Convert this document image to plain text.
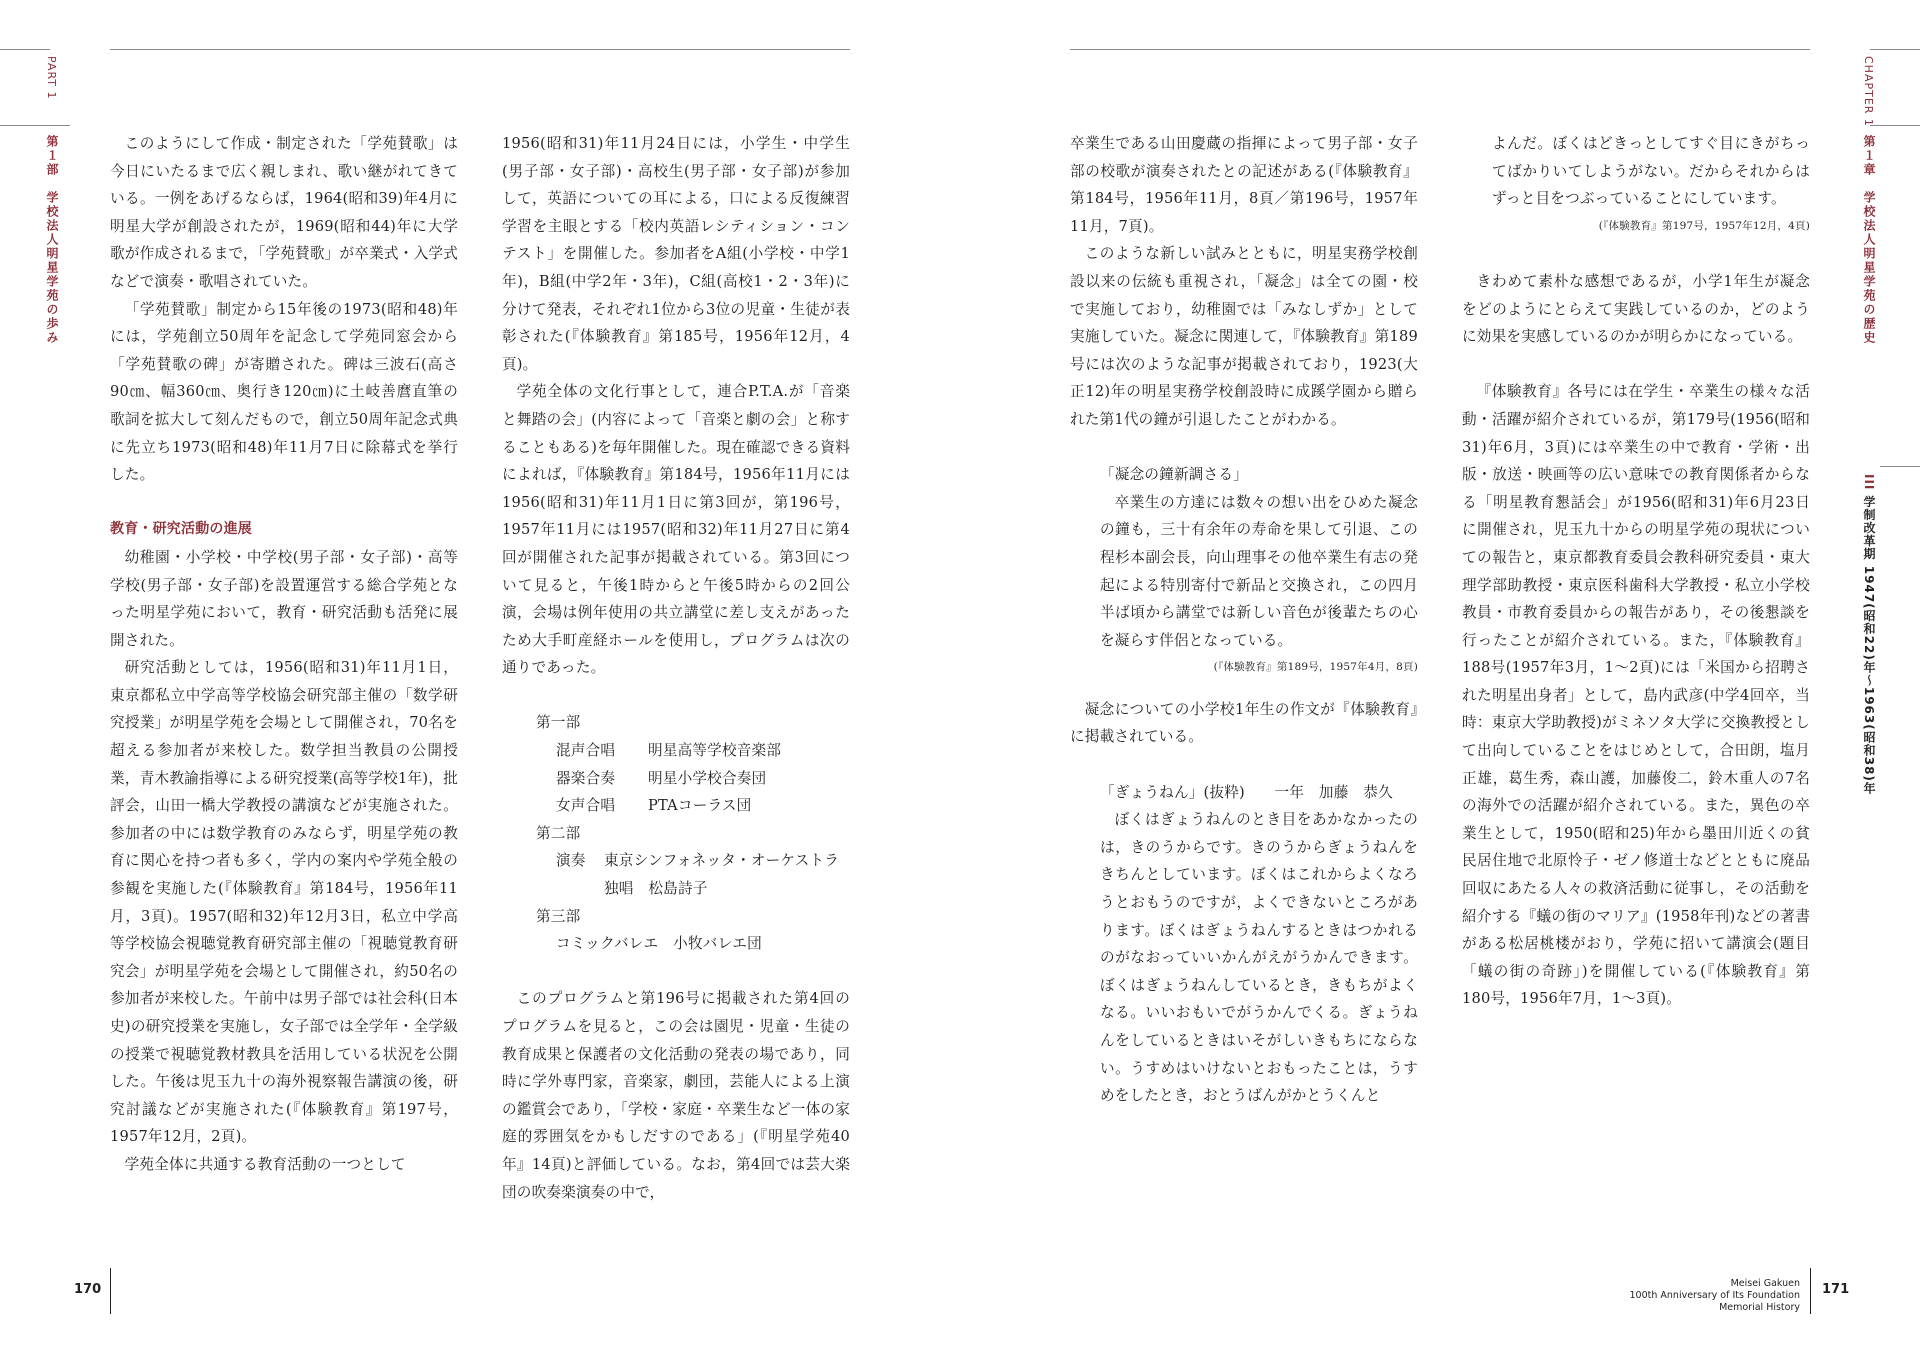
PART 1
第１部　学校法人明星学苑の歩み
CHAPTER 1
第１章　学校法人明星学苑の歴史
III 学制改革期 1947(昭和22)年～1963(昭和38)年

このようにして作成・制定された「学苑賛歌」は今日にいたるまで広く親しまれ、歌い継がれてきている。一例をあげるならば，1964(昭和39)年4月に明星大学が創設されたが，1969(昭和44)年に大学歌が作成されるまで，「学苑賛歌」が卒業式・入学式などで演奏・歌唱されていた。

「学苑賛歌」制定から15年後の1973(昭和48)年には，学苑創立50周年を記念して学苑同窓会から「学苑賛歌の碑」が寄贈された。碑は三波石(高さ90㎝、幅360㎝、奥行き120㎝)に土岐善麿直筆の歌詞を拡大して刻んだもので，創立50周年記念式典に先立ち1973(昭和48)年11月7日に除幕式を挙行した。

教育・研究活動の進展

幼稚園・小学校・中学校(男子部・女子部)・高等学校(男子部・女子部)を設置運営する総合学苑となった明星学苑において，教育・研究活動も活発に展開された。

研究活動としては，1956(昭和31)年11月1日，東京都私立中学高等学校協会研究部主催の「数学研究授業」が明星学苑を会場として開催され，70名を超える参加者が来校した。数学担当教員の公開授業，青木教諭指導による研究授業(高等学校1年)，批評会，山田一橋大学教授の講演などが実施された。参加者の中には数学教育のみならず，明星学苑の教育に関心を持つ者も多く，学内の案内や学苑全般の参観を実施した(『体験教育』第184号，1956年11月，3頁)。1957(昭和32)年12月3日，私立中学高等学校協会視聴覚教育研究部主催の「視聴覚教育研究会」が明星学苑を会場として開催され，約50名の参加者が来校した。午前中は男子部では社会科(日本史)の研究授業を実施し，女子部では全学年・全学級の授業で視聴覚教材教具を活用している状況を公開した。午後は児玉九十の海外視察報告講演の後，研究討議などが実施された(『体験教育』第197号，1957年12月，2頁)。

学苑全体に共通する教育活動の一つとして

1956(昭和31)年11月24日には，小学生・中学生(男子部・女子部)・高校生(男子部・女子部)が参加して，英語についての耳による，口による反復練習学習を主眼とする「校内英語レシティション・コンテスト」を開催した。参加者をA組(小学校・中学1年)，B組(中学2年・3年)，C組(高校1・2・3年)に分けて発表，それぞれ1位から3位の児童・生徒が表彰された(『体験教育』第185号，1956年12月，4頁)。

学苑全体の文化行事として，連合P.T.A.が「音楽と舞踏の会」(内容によって「音楽と劇の会」と称することもある)を毎年開催した。現在確認できる資料によれば，『体験教育』第184号，1956年11月には1956(昭和31)年11月1日に第3回が，第196号，1957年11月には1957(昭和32)年11月27日に第4回が開催された記事が掲載されている。第3回について見ると，午後1時からと午後5時からの2回公演，会場は例年使用の共立講堂に差し支えがあったため大手町産経ホールを使用し，プログラムは次の通りであった。

第一部
混声合唱	明星高等学校音楽部
器楽合奏	明星小学校合奏団
女声合唱	PTAコーラス団
第二部
演奏	東京シンフォネッタ・オーケストラ
独唱　松島詩子
第三部
コミックバレエ　小牧バレエ団

このプログラムと第196号に掲載された第4回のプログラムを見ると，この会は園児・児童・生徒の教育成果と保護者の文化活動の発表の場であり，同時に学外専門家，音楽家，劇団，芸能人による上演の鑑賞会であり，「学校・家庭・卒業生など一体の家庭的雰囲気をかもしだすのである」(『明星学苑40年』14頁)と評価している。なお，第4回では芸大楽団の吹奏楽演奏の中で，

卒業生である山田慶蔵の指揮によって男子部・女子部の校歌が演奏されたとの記述がある(『体験教育』第184号，1956年11月，8頁／第196号，1957年11月，7頁)。

このような新しい試みとともに，明星実務学校創設以来の伝統も重視され，「凝念」は全ての園・校で実施しており，幼稚園では「みなしずか」として実施していた。凝念に関連して，『体験教育』第189号には次のような記事が掲載されており，1923(大正12)年の明星実務学校創設時に成蹊学園から贈られた第1代の鐘が引退したことがわかる。

「凝念の鐘新調さる」

卒業生の方達には数々の想い出をひめた凝念の鐘も，三十有余年の寿命を果して引退、この程杉本副会長，向山理事その他卒業生有志の発起による特別寄付で新品と交換され，この四月半ば頃から講堂では新しい音色が後輩たちの心を凝らす伴侶となっている。

(『体験教育』第189号，1957年4月，8頁)

凝念についての小学校1年生の作文が『体験教育』に掲載されている。

「ぎょうねん」(抜粋)　　一年　加藤　恭久

ぼくはぎょうねんのとき目をあかなかったのは，きのうからです。きのうからぎょうねんをきちんとしています。ぼくはこれからよくなろうとおもうのですが，よくできないところがあります。ぼくはぎょうねんするときはつかれるのがなおっていいかんがえがうかんできます。ぼくはぎょうねんしているとき，きもちがよくなる。いいおもいでがうかんでくる。ぎょうねんをしているときはいそがしいきもちにならない。うすめはいけないとおもったことは，うすめをしたとき，おとうばんがかとうくんと

よんだ。ぼくはどきっとしてすぐ目にきがちってばかりいてしようがない。だからそれからはずっと目をつぶっていることにしています。

(『体験教育』第197号，1957年12月，4頁)

きわめて素朴な感想であるが，小学1年生が凝念をどのようにとらえて実践しているのか，どのように効果を実感しているのかが明らかになっている。

『体験教育』各号には在学生・卒業生の様々な活動・活躍が紹介されているが，第179号(1956(昭和31)年6月，3頁)には卒業生の中で教育・学術・出版・放送・映画等の広い意味での教育関係者からなる「明星教育懇話会」が1956(昭和31)年6月23日に開催され，児玉九十からの明星学苑の現状についての報告と，東京都教育委員会教科研究委員・東大理学部助教授・東京医科歯科大学教授・私立小学校教員・市教育委員からの報告があり，その後懇談を行ったことが紹介されている。また，『体験教育』188号(1957年3月，1～2頁)には「米国から招聘された明星出身者」として，島内武彦(中学4回卒，当時：東京大学助教授)がミネソタ大学に交換教授として出向していることをはじめとして，合田朗，塩月正雄，葛生秀，森山護，加藤俊二，鈴木重人の7名の海外での活躍が紹介されている。また，異色の卒業生として，1950(昭和25)年から墨田川近くの貧民居住地で北原怜子・ゼノ修道士などとともに廃品回収にあたる人々の救済活動に従事し，その活動を紹介する『蟻の街のマリア』(1958年刊)などの著書がある松居桃楼がおり，学苑に招いて講演会(題目「蟻の街の奇跡」)を開催している(『体験教育』第180号，1956年7月，1～3頁)。

170	Meisei Gakuen
100th Anniversary of Its Foundation
Memorial History
171
